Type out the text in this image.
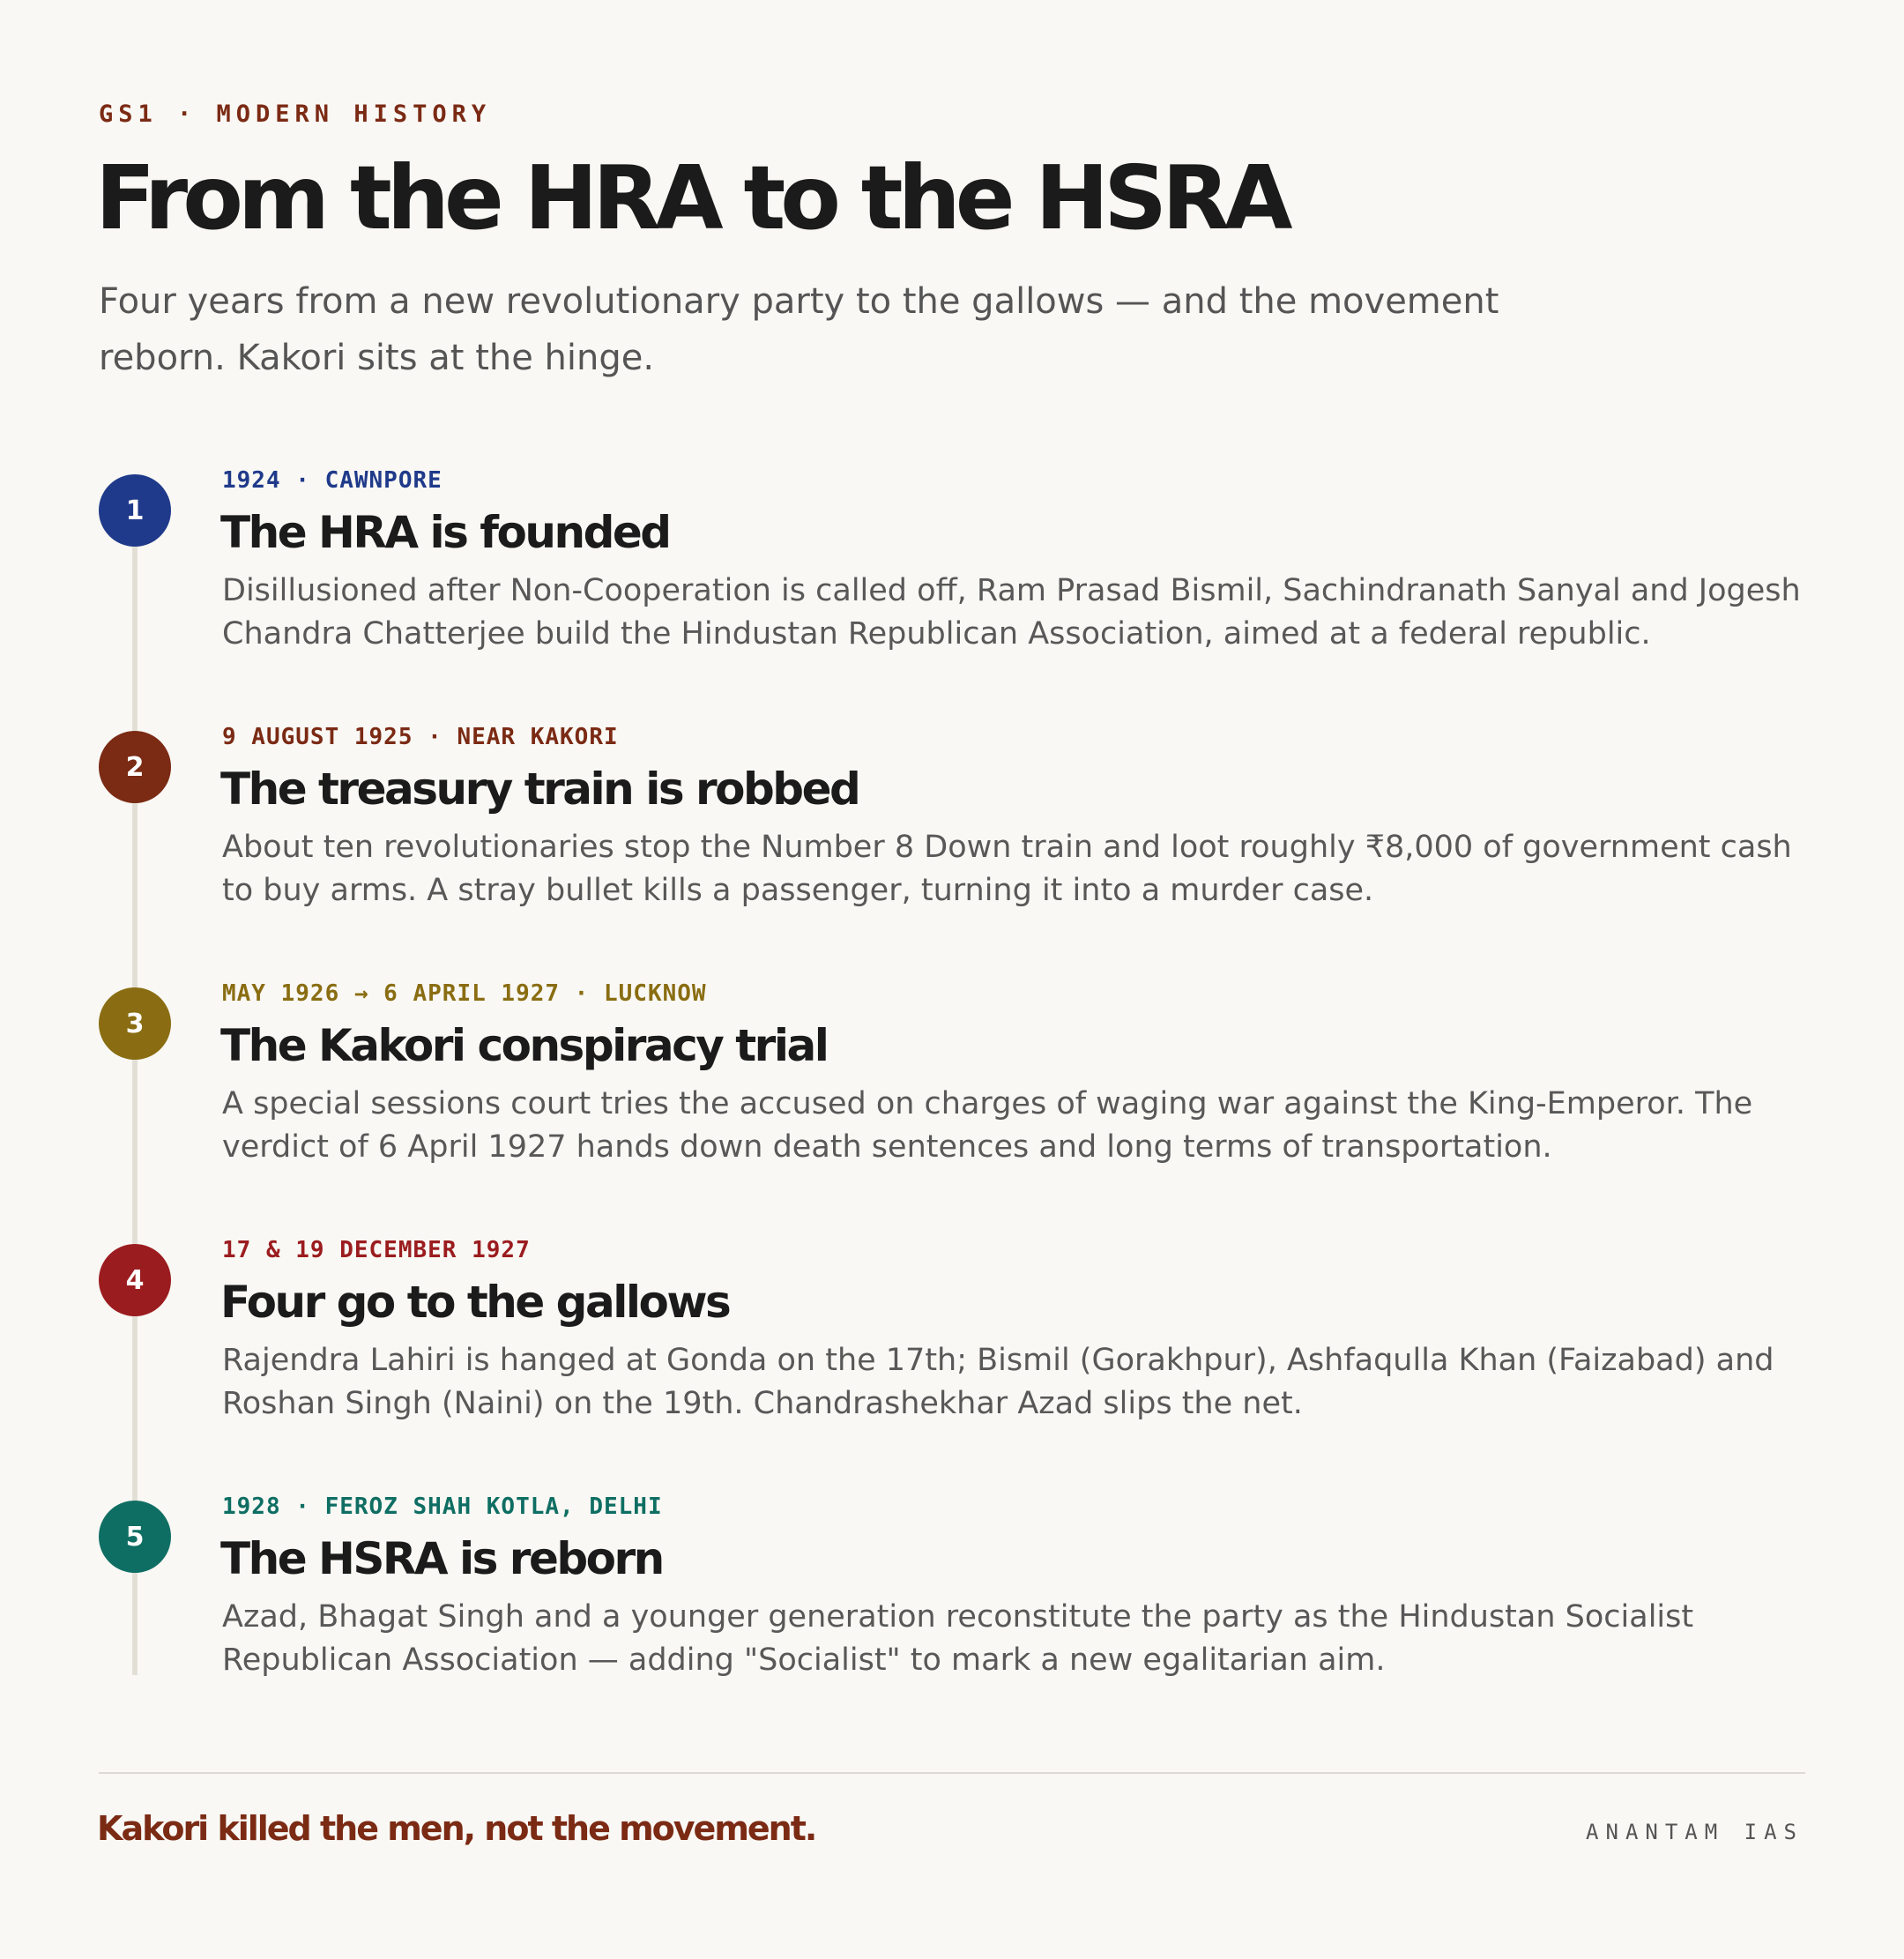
GS1 · MODERN HISTORY
From the HRA to the HSRA

Four years from a new revolutionary party to the gallows — and the movement reborn. Kakori sits at the hinge.

1
1924 · CAWNPORE
The HRA is founded

Disillusioned after Non-Cooperation is called off, Ram Prasad Bismil, Sachindranath Sanyal and Jogesh Chandra Chatterjee build the Hindustan Republican Association, aimed at a federal republic.

2
9 AUGUST 1925 · NEAR KAKORI
The treasury train is robbed

About ten revolutionaries stop the Number 8 Down train and loot roughly ₹8,000 of government cash to buy arms. A stray bullet kills a passenger, turning it into a murder case.

3
MAY 1926 → 6 APRIL 1927 · LUCKNOW
The Kakori conspiracy trial

A special sessions court tries the accused on charges of waging war against the King-Emperor. The verdict of 6 April 1927 hands down death sentences and long terms of transportation.

4
17 & 19 DECEMBER 1927
Four go to the gallows

Rajendra Lahiri is hanged at Gonda on the 17th; Bismil (Gorakhpur), Ashfaqulla Khan (Faizabad) and Roshan Singh (Naini) on the 19th. Chandrashekhar Azad slips the net.

5
1928 · FEROZ SHAH KOTLA, DELHI
The HSRA is reborn

Azad, Bhagat Singh and a younger generation reconstitute the party as the Hindustan Socialist Republican Association — adding "Socialist" to mark a new egalitarian aim.

Kakori killed the men, not the movement.	ANANTAM IAS
